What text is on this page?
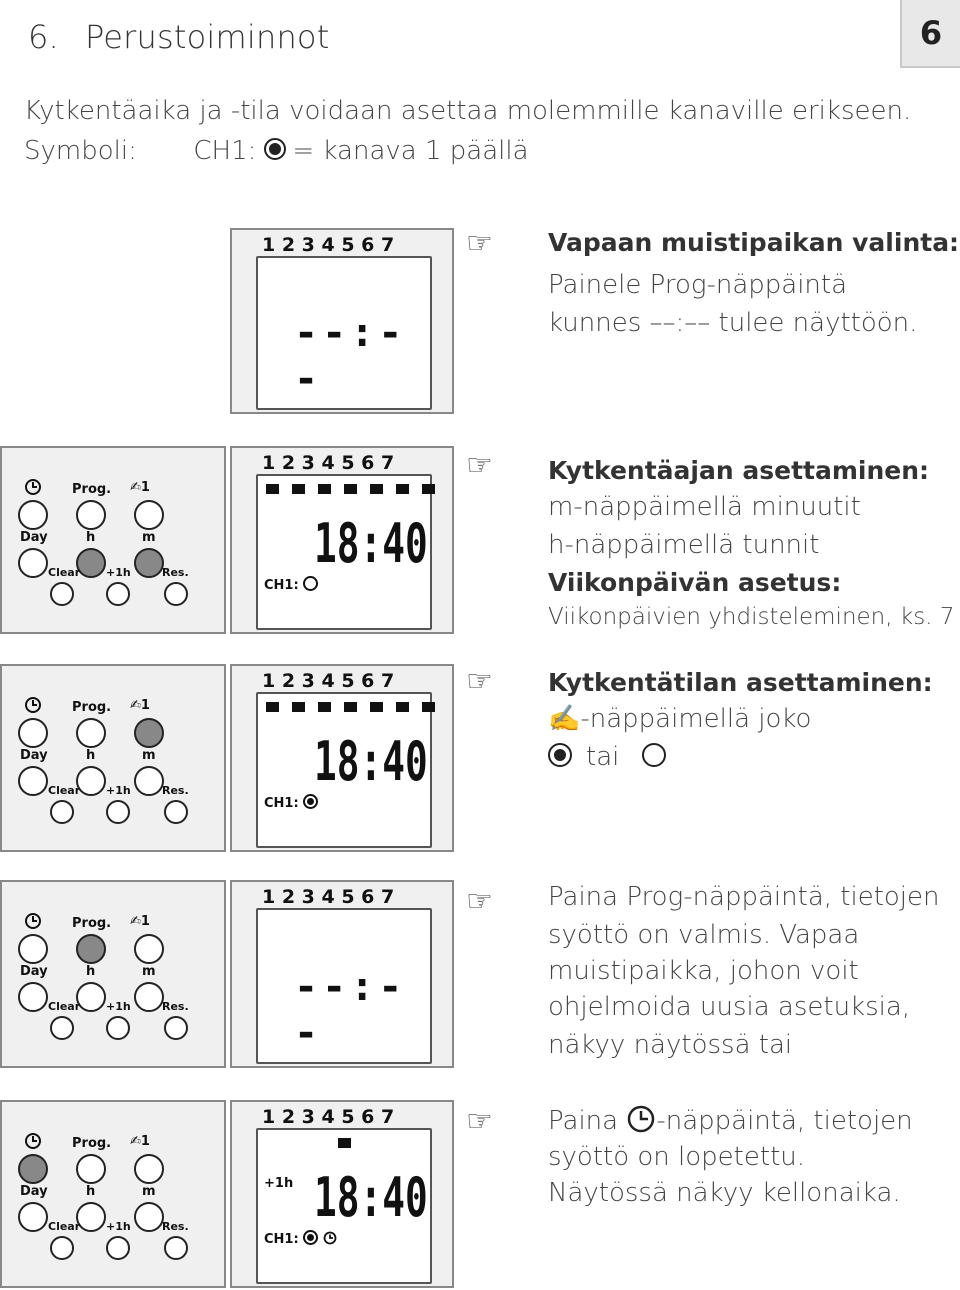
6. Perustoiminnot	6
Kytkentäaika ja -tila voidaan asettaa molemmille kanaville erikseen.
Symboli: CH1: = kanava 1 päällä
1 2 3 4 5 6 7
--:--
☞ Vapaan muistipaikan valinta:
Painele Prog-näppäintä
kunnes ––:–– tulee näyttöön.
Prog. ✍1
Day	h	m
Clear +1h	Res.
1 2 3 4 5 6 7
18:40
CH1:
☞ Kytkentäajan asettaminen:
m-näppäimellä minuutit
h-näppäimellä tunnit
Viikonpäivän asetus:
Viikonpäivien yhdisteleminen, ks. 7
Prog. ✍1
Day	h	m
Clear +1h	Res.
1 2 3 4 5 6 7
18:40
CH1:
☞ Kytkentätilan asettaminen:
✍-näppäimellä joko
tai
Prog. ✍1
Day	h	m
Clear +1h	Res.
1 2 3 4 5 6 7
--:--
☞ Paina Prog-näppäintä, tietojen
syöttö on valmis. Vapaa
muistipaikka, johon voit
ohjelmoida uusia asetuksia,
näkyy näytössä tai
Prog. ✍1
Day	h	m
Clear +1h	Res.
1 2 3 4 5 6 7
+1h 18:40
CH1:

☞ Paina -näppäintä, tietojen
syöttö on lopetettu.
Näytössä näkyy kellonaika.
